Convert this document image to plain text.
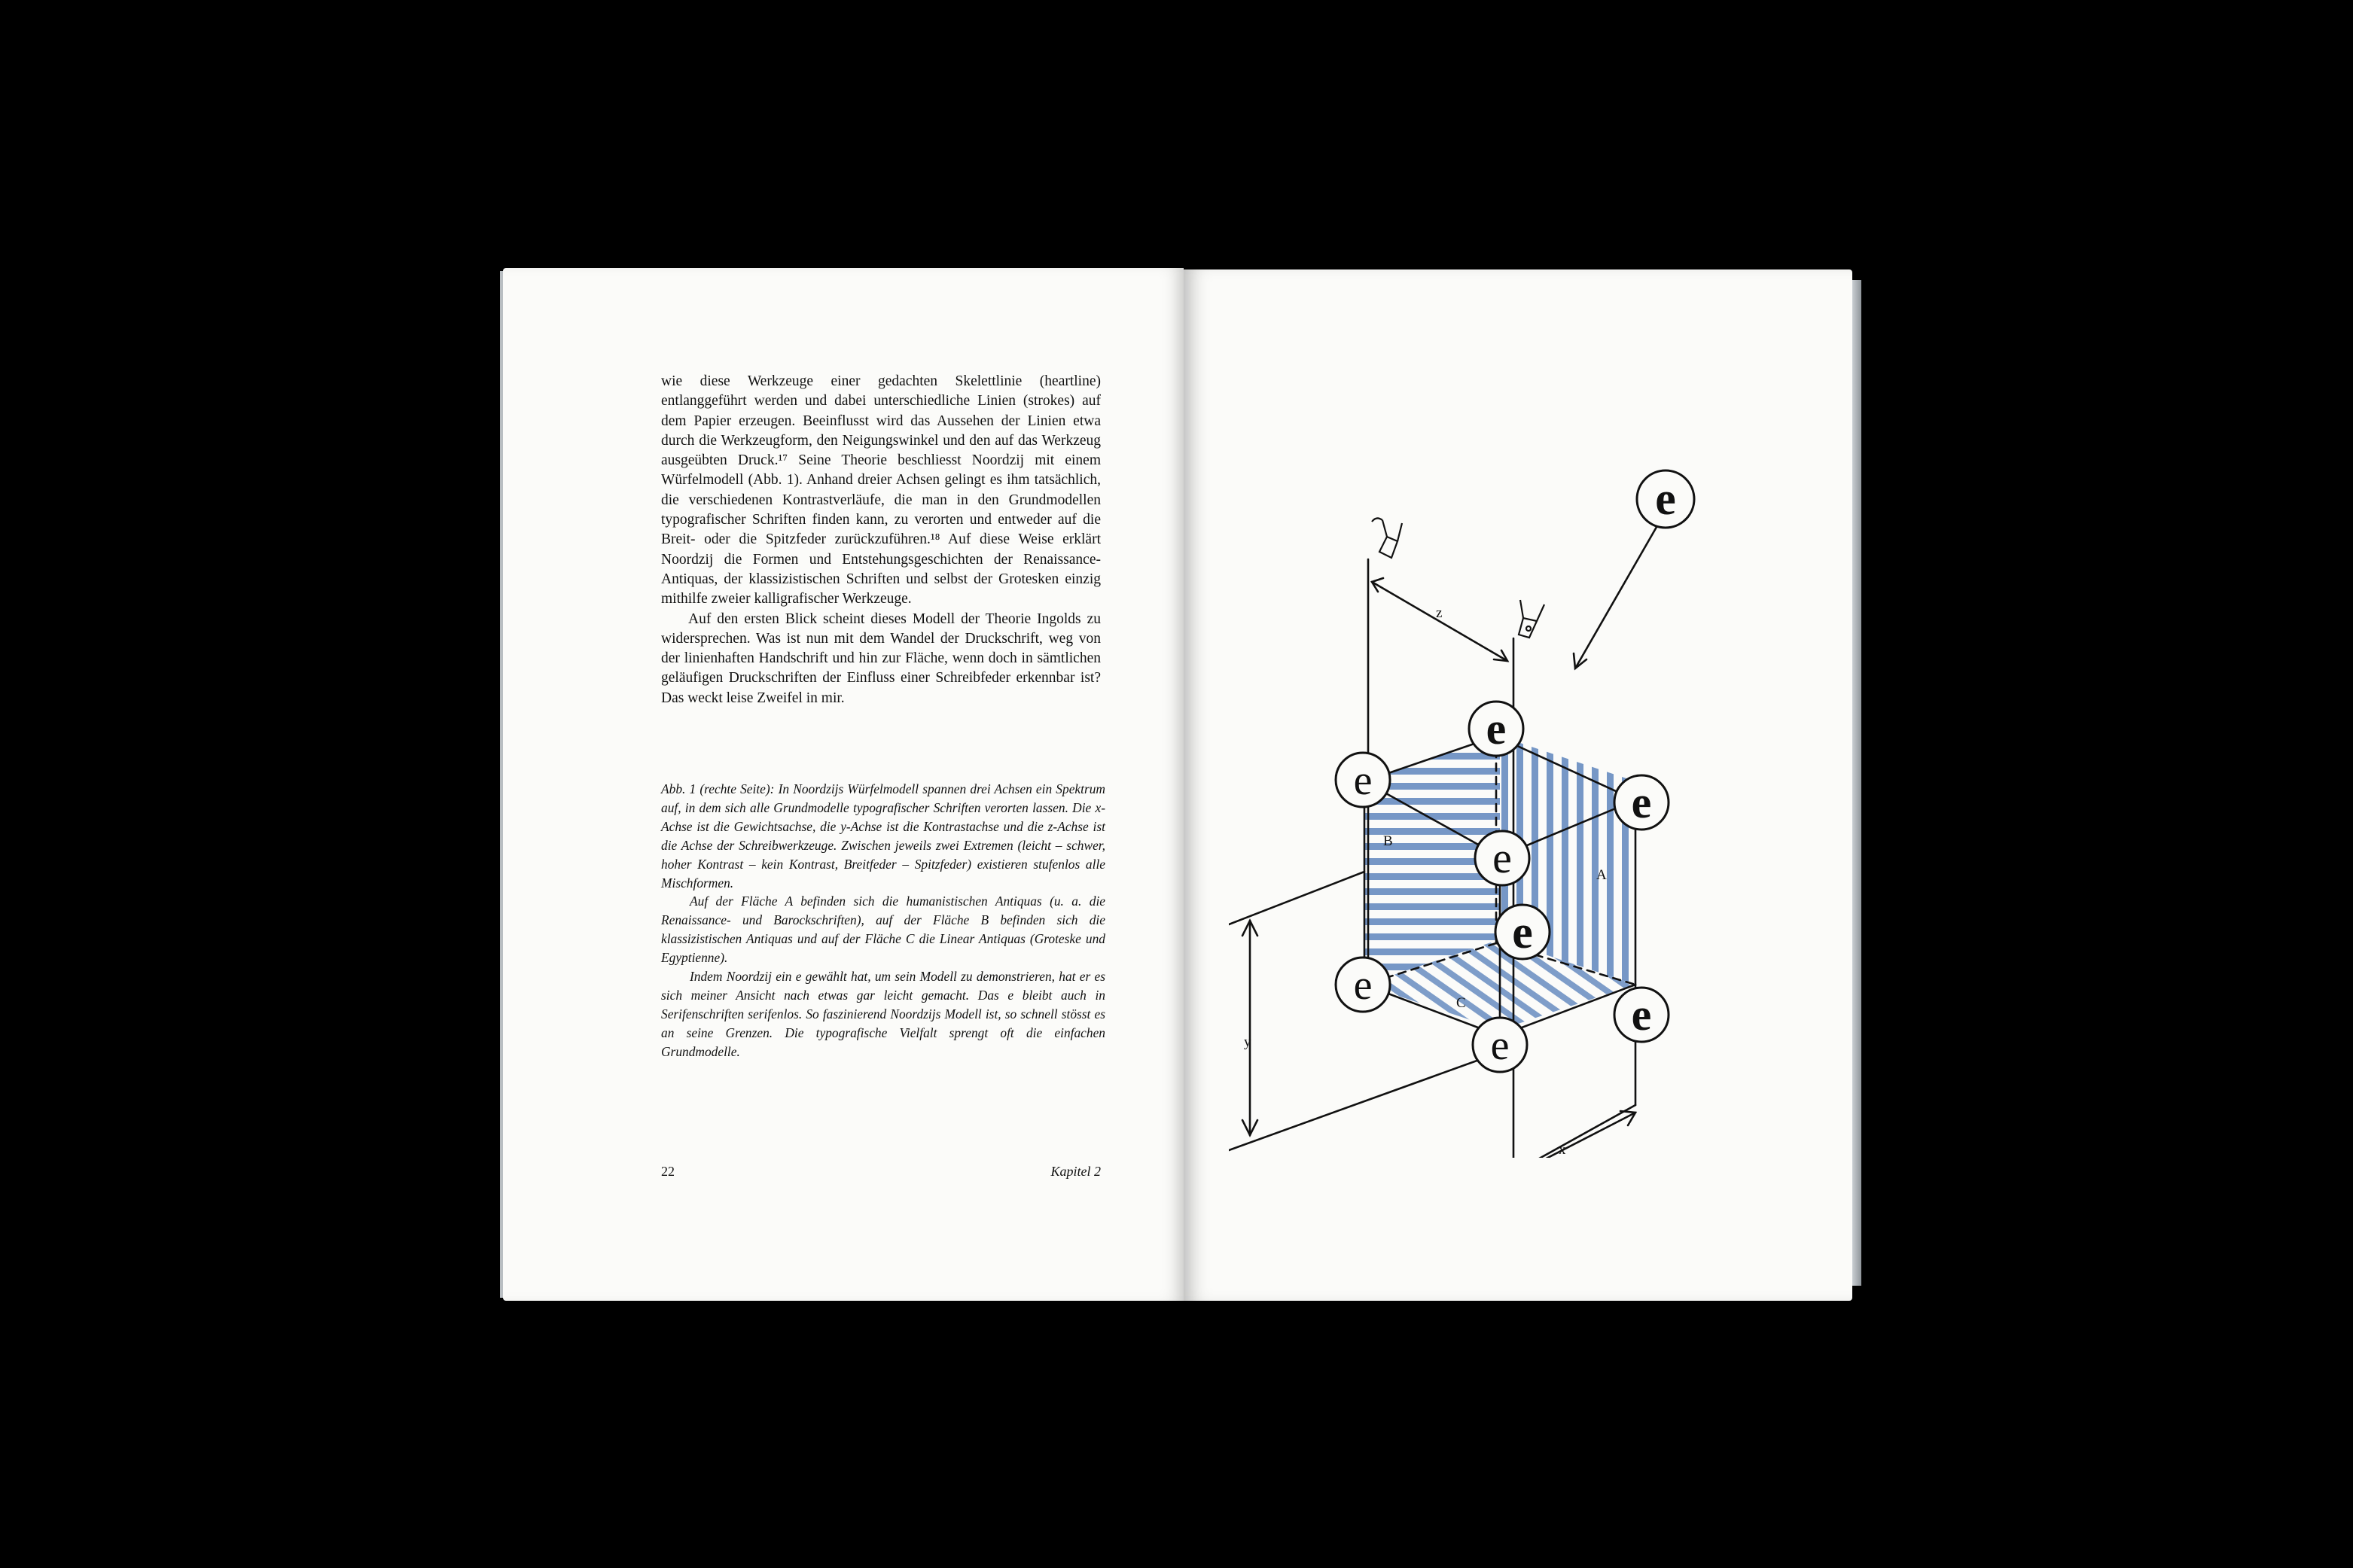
wie diese Werkzeuge einer gedachten Skelettlinie (heartline) entlanggeführt werden und dabei unterschiedliche Linien (strokes) auf dem Papier erzeugen. Beeinflusst wird das Aussehen der Linien etwa durch die Werkzeugform, den Neigungswinkel und den auf das Werkzeug ausgeübten Druck.¹⁷ Seine Theorie beschliesst Noordzij mit einem Würfelmodell (Abb. 1). Anhand dreier Achsen gelingt es ihm tatsächlich, die verschiedenen Kontrastverläufe, die man in den Grundmodellen typografischer Schriften finden kann, zu verorten und entweder auf die Breit- oder die Spitzfeder zurückzuführen.¹⁸ Auf diese Weise erklärt Noordzij die Formen und Entstehungsgeschichten der Renaissance-Antiquas, der klassizistischen Schriften und selbst der Grotesken einzig mithilfe zweier kalligrafischer Werkzeuge.

Auf den ersten Blick scheint dieses Modell der Theorie Ingolds zu widersprechen. Was ist nun mit dem Wandel der Druckschrift, weg von der linienhaften Handschrift und hin zur Fläche, wenn doch in sämtlichen geläufigen Druckschriften der Einfluss einer Schreibfeder erkennbar ist? Das weckt leise Zweifel in mir.

Abb. 1 (rechte Seite): In Noordzijs Würfelmodell spannen drei Achsen ein Spektrum auf, in dem sich alle Grundmodelle typografischer Schriften verorten lassen. Die x-Achse ist die Gewichtsachse, die y-Achse ist die Kontrastachse und die z-Achse ist die Achse der Schreibwerkzeuge. Zwischen jeweils zwei Extremen (leicht – schwer, hoher Kontrast – kein Kontrast, Breitfeder – Spitzfeder) existieren stufenlos alle Mischformen.

Auf der Fläche A befinden sich die humanistischen Antiquas (u. a. die Renaissance- und Barockschriften), auf der Fläche B befinden sich die klassizistischen Antiquas und auf der Fläche C die Linear Antiquas (Groteske und Egyptienne).

Indem Noordzij ein e gewählt hat, um sein Modell zu demonstrieren, hat er es sich meiner Ansicht nach etwas gar leicht gemacht. Das e bleibt auch in Serifenschriften serifenlos. So faszinierend Noordzijs Modell ist, so schnell stösst es an seine Grenzen. Die typografische Vielfalt sprengt oft die einfachen Grundmodelle.

22	Kapitel 2
y
z
x
A
B
C
e
e
e	e
e
e
e
e
e
